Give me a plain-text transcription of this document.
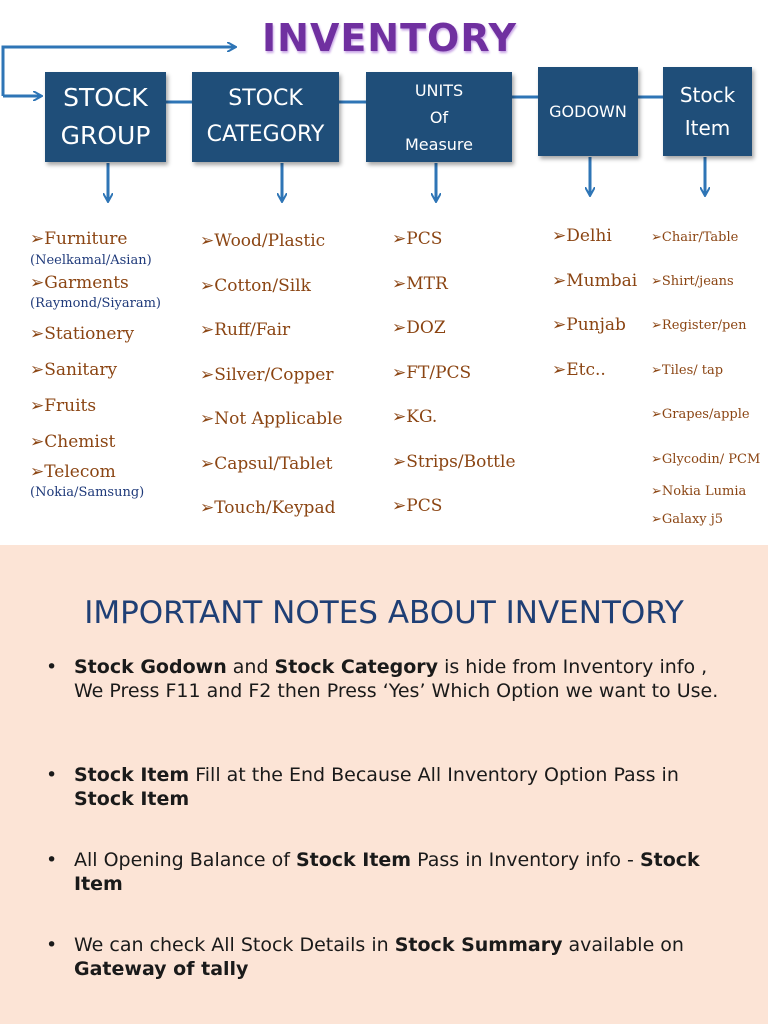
INVENTORY
STOCK
GROUP
STOCK
CATEGORY
UNITS
Of
Measure
GODOWN
Stock
Item
➢Furniture
(Neelkamal/Asian)
➢Garments
(Raymond/Siyaram)
➢Stationery
➢Sanitary
➢Fruits
➢Chemist
➢Telecom
(Nokia/Samsung)
➢Wood/Plastic
➢Cotton/Silk
➢Ruff/Fair
➢Silver/Copper
➢Not Applicable
➢Capsul/Tablet
➢Touch/Keypad
➢PCS
➢MTR
➢DOZ
➢FT/PCS
➢KG.
➢Strips/Bottle
➢PCS
➢Delhi
➢Mumbai
➢Punjab
➢Etc..
➢Chair/Table
➢Shirt/jeans
➢Register/pen
➢Tiles/ tap
➢Grapes/apple
➢Glycodin/ PCM
➢Nokia Lumia
➢Galaxy j5
IMPORTANT NOTES ABOUT INVENTORY
• Stock Godown and Stock Category is hide from Inventory info , We Press F11 and F2 then Press ‘Yes’ Which Option we want to Use.
• Stock Item Fill at the End Because All Inventory Option Pass in Stock Item
• All Opening Balance of Stock Item Pass in Inventory info - Stock Item
• We can check All Stock Details in Stock Summary available on Gateway of tally
